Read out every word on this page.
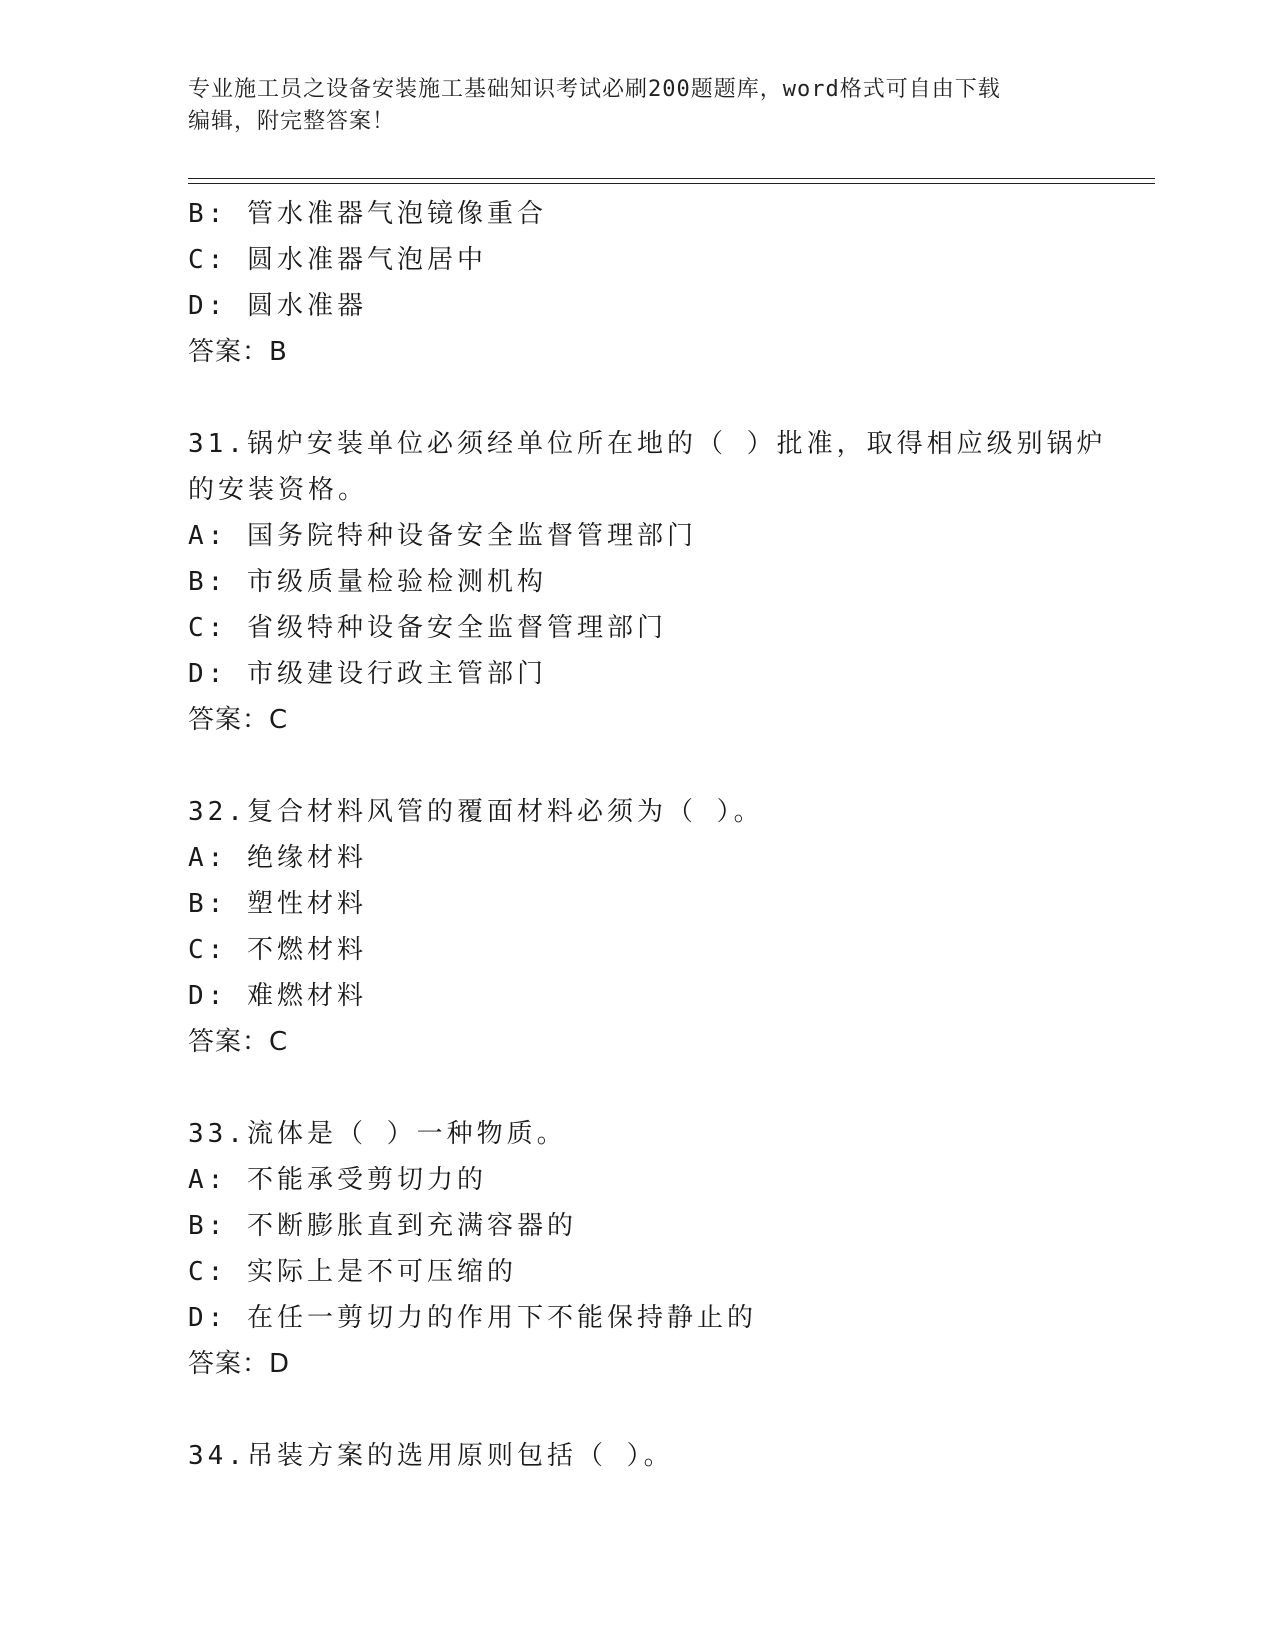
专业施工员之设备安装施工基础知识考试必刷200题题库，word格式可自由下载
编辑，附完整答案！
B: 管水准器气泡镜像重合
C: 圆水准器气泡居中
D: 圆水准器
答案：B
31.锅炉安装单位必须经单位所在地的（ ）批准，取得相应级别锅炉
的安装资格。
A: 国务院特种设备安全监督管理部门
B: 市级质量检验检测机构
C: 省级特种设备安全监督管理部门
D: 市级建设行政主管部门
答案：C
32.复合材料风管的覆面材料必须为（ ）。
A: 绝缘材料
B: 塑性材料
C: 不燃材料
D: 难燃材料
答案：C
33.流体是（ ）一种物质。
A: 不能承受剪切力的
B: 不断膨胀直到充满容器的
C: 实际上是不可压缩的
D: 在任一剪切力的作用下不能保持静止的
答案：D
34.吊装方案的选用原则包括（ ）。
